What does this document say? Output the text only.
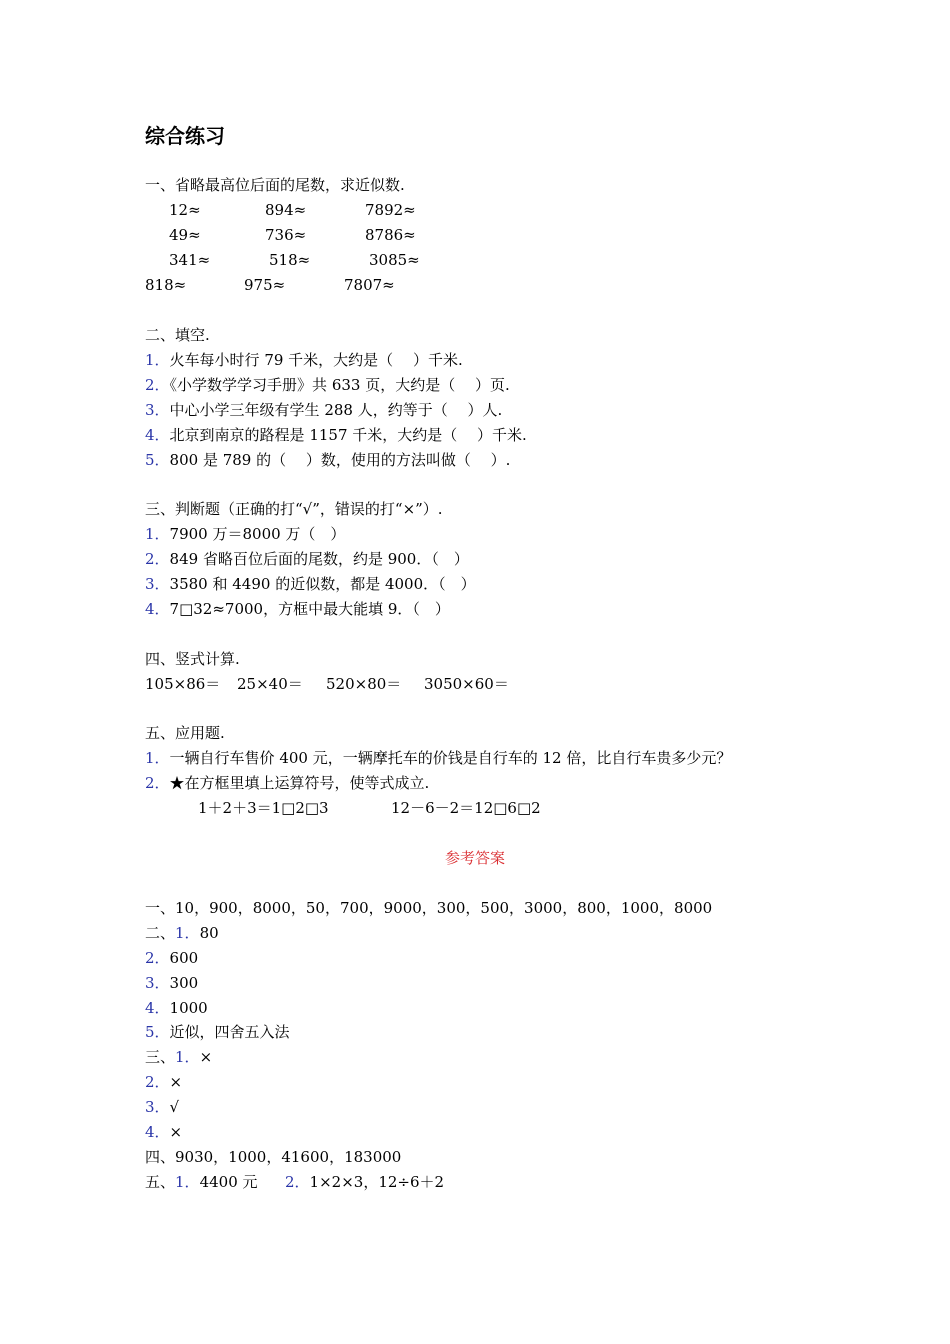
综合练习
一、省略最高位后面的尾数，求近似数.
12≈	894≈	7892≈
49≈	736≈	8786≈
341≈	518≈	3085≈
818≈	975≈	7807≈
二、填空.
1．火车每小时行 79 千米，大约是（　 ）千米.
2．《小学数学学习手册》共 633 页，大约是（　 ）页.
3．中心小学三年级有学生 288 人，约等于（　 ）人.
4．北京到南京的路程是 1157 千米，大约是（　 ）千米.
5．800 是 789 的（　 ）数，使用的方法叫做（　 ）.
三、判断题（正确的打“√”，错误的打“×”）.
1．7900 万＝8000 万（　）
2．849 省略百位后面的尾数，约是 900．（　）
3．3580 和 4490 的近似数，都是 4000．（　）
4．7□32≈7000，方框中最大能填 9．（　）
四、竖式计算.
105×86＝ 25×40＝ 520×80＝ 3050×60＝
五、应用题.
1．一辆自行车售价 400 元，一辆摩托车的价钱是自行车的 12 倍，比自行车贵多少元？
2．★在方框里填上运算符号，使等式成立.
1＋2＋3＝1□2□3	12－6－2＝12□6□2
参考答案
一、10，900，8000，50，700，9000，300，500，3000，800，1000，8000
二、1．80
2．600
3．300
4．1000
5．近似，四舍五入法
三、1．×
2．×
3．√
4．×
四、9030，1000，41600，183000
五、1．4400 元 2．1×2×3，12÷6＋2
